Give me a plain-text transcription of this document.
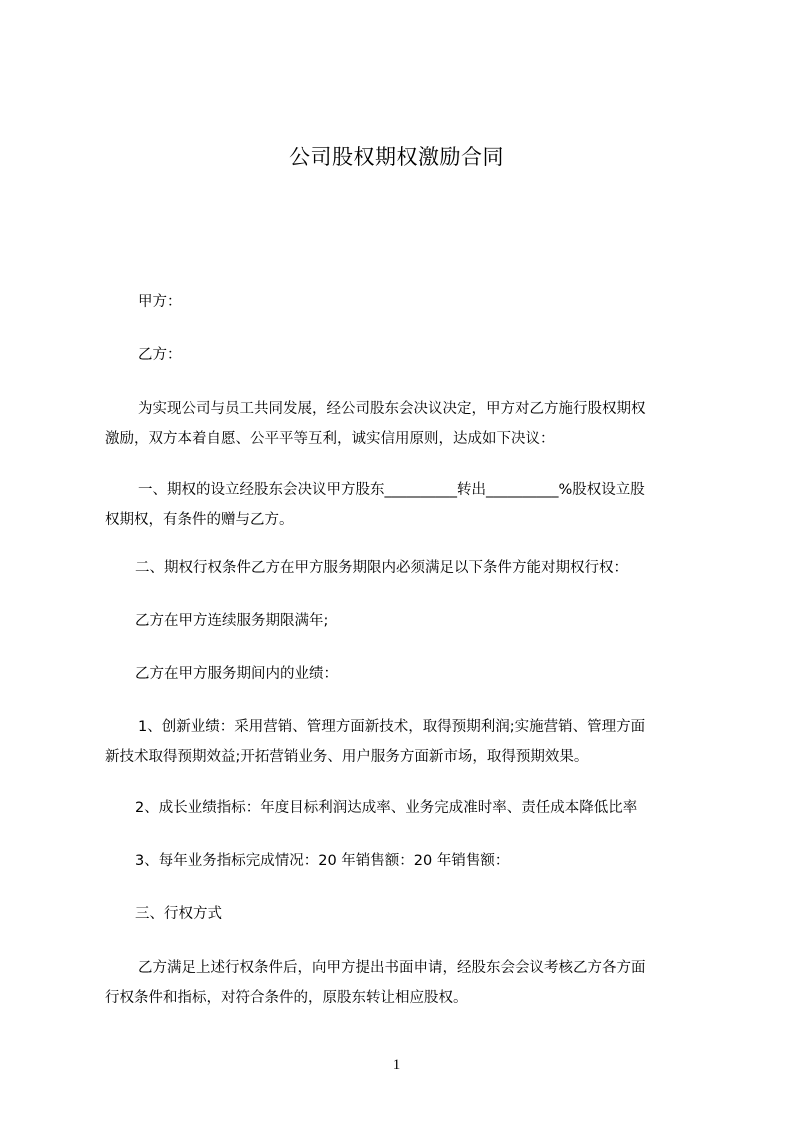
公司股权期权激励合同
甲方：
乙方：
为实现公司与员工共同发展，经公司股东会决议决定，甲方对乙方施行股权期权
激励，双方本着自愿、公平平等互利，诚实信用原则，达成如下决议：
一、期权的设立经股东会决议甲方股东__________转出__________%股权设立股
权期权，有条件的赠与乙方。
二、期权行权条件乙方在甲方服务期限内必须满足以下条件方能对期权行权：
乙方在甲方连续服务期限满年;
乙方在甲方服务期间内的业绩：
1、创新业绩：采用营销、管理方面新技术，取得预期利润;实施营销、管理方面
新技术取得预期效益;开拓营销业务、用户服务方面新市场，取得预期效果。
2、成长业绩指标：年度目标利润达成率、业务完成准时率、责任成本降低比率
3、每年业务指标完成情况：20 年销售额：20 年销售额：
三、行权方式
乙方满足上述行权条件后，向甲方提出书面申请，经股东会会议考核乙方各方面
行权条件和指标，对符合条件的，原股东转让相应股权。
1
